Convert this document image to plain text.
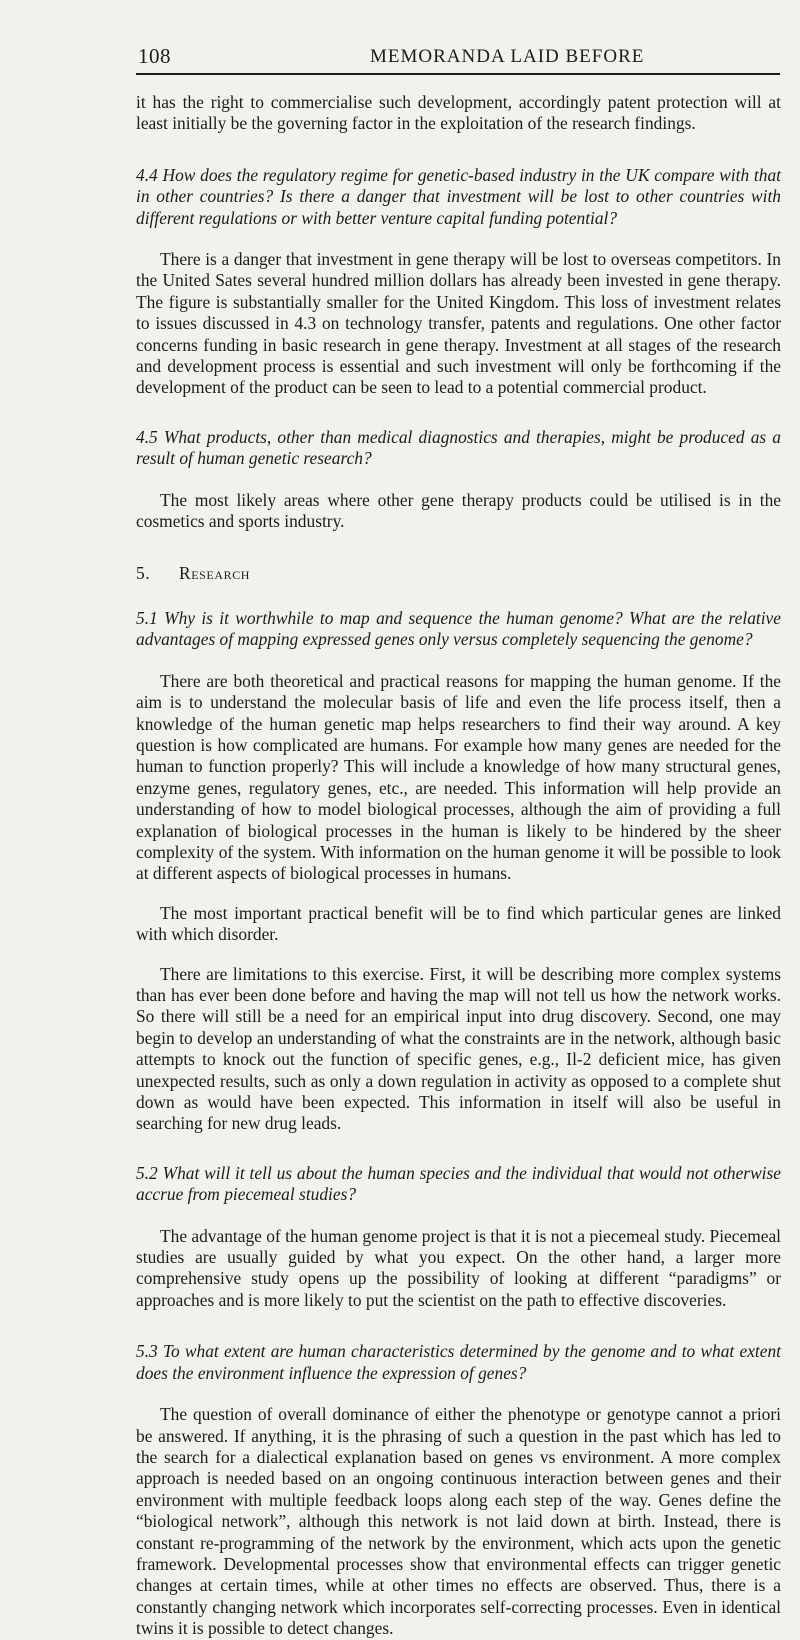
108	MEMORANDA LAID BEFORE

it has the right to commercialise such development, accordingly patent protection will at least initially be the governing factor in the exploitation of the research findings.

4.4 How does the regulatory regime for genetic-based industry in the UK compare with that in other countries? Is there a danger that investment will be lost to other countries with different regulations or with better venture capital funding potential?

There is a danger that investment in gene therapy will be lost to overseas competitors. In the United Sates several hundred million dollars has already been invested in gene therapy. The figure is substantially smaller for the United Kingdom. This loss of investment relates to issues discussed in 4.3 on technology transfer, patents and regulations. One other factor concerns funding in basic research in gene therapy. Investment at all stages of the research and development process is essential and such investment will only be forthcoming if the development of the product can be seen to lead to a potential commercial product.

4.5 What products, other than medical diagnostics and therapies, might be produced as a result of human genetic research?

The most likely areas where other gene therapy products could be utilised is in the cosmetics and sports industry.

5. Research

5.1 Why is it worthwhile to map and sequence the human genome? What are the relative advantages of mapping expressed genes only versus completely sequencing the genome?

There are both theoretical and practical reasons for mapping the human genome. If the aim is to understand the molecular basis of life and even the life process itself, then a knowledge of the human genetic map helps researchers to find their way around. A key question is how complicated are humans. For example how many genes are needed for the human to function properly? This will include a knowledge of how many structural genes, enzyme genes, regulatory genes, etc., are needed. This information will help provide an understanding of how to model biological processes, although the aim of providing a full explanation of biological processes in the human is likely to be hindered by the sheer complexity of the system. With information on the human genome it will be possible to look at different aspects of biological processes in humans.

The most important practical benefit will be to find which particular genes are linked with which disorder.

There are limitations to this exercise. First, it will be describing more complex systems than has ever been done before and having the map will not tell us how the network works. So there will still be a need for an empirical input into drug discovery. Second, one may begin to develop an understanding of what the constraints are in the network, although basic attempts to knock out the function of specific genes, e.g., Il-2 deficient mice, has given unexpected results, such as only a down regulation in activity as opposed to a complete shut down as would have been expected. This information in itself will also be useful in searching for new drug leads.

5.2 What will it tell us about the human species and the individual that would not otherwise accrue from piecemeal studies?

The advantage of the human genome project is that it is not a piecemeal study. Piecemeal studies are usually guided by what you expect. On the other hand, a larger more comprehensive study opens up the possibility of looking at different “paradigms” or approaches and is more likely to put the scientist on the path to effective discoveries.

5.3 To what extent are human characteristics determined by the genome and to what extent does the environment influence the expression of genes?

The question of overall dominance of either the phenotype or genotype cannot a priori be answered. If anything, it is the phrasing of such a question in the past which has led to the search for a dialectical explanation based on genes vs environment. A more complex approach is needed based on an ongoing continuous interaction between genes and their environment with multiple feedback loops along each step of the way. Genes define the “biological network”, although this network is not laid down at birth. Instead, there is constant re-programming of the network by the environment, which acts upon the genetic framework. Developmental processes show that environmental effects can trigger genetic changes at certain times, while at other times no effects are observed. Thus, there is a constantly changing network which incorporates self-correcting processes. Even in identical twins it is possible to detect changes.
